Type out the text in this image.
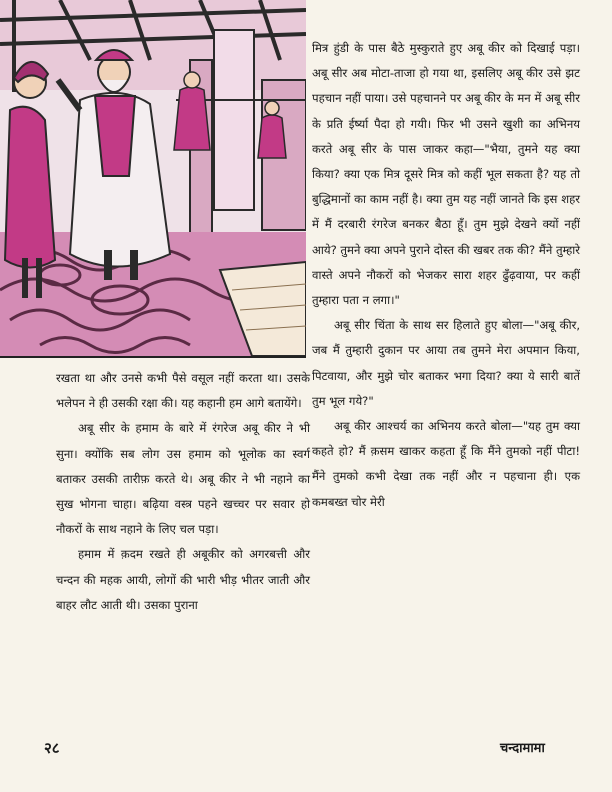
मित्र हुंडी के पास बैठे मुस्कुराते हुए अबू कीर को दिखाई पड़ा। अबू सीर अब मोटा-ताजा हो गया था, इसलिए अबू कीर उसे झट पहचान नहीं पाया। उसे पहचानने पर अबू कीर के मन में अबू सीर के प्रति ईर्ष्या पैदा हो गयी। फिर भी उसने खुशी का अभिनय करते अबू सीर के पास जाकर कहा—"भैया, तुमने यह क्या किया? क्या एक मित्र दूसरे मित्र को कहीं भूल सकता है? यह तो बुद्धिमानों का काम नहीं है। क्या तुम यह नहीं जानते कि इस शहर में मैं दरबारी रंगरेज बनकर बैठा हूँ। तुम मुझे देखने क्यों नहीं आये? तुमने क्या अपने पुराने दोस्त की खबर तक की? मैंने तुम्हारे वास्ते अपने नौकरों को भेजकर सारा शहर ढुँढ़वाया, पर कहीं तुम्हारा पता न लगा।"

अबू सीर चिंता के साथ सर हिलाते हुए बोला—"अबू कीर, जब मैं तुम्हारी दुकान पर आया तब तुमने मेरा अपमान किया, पिटवाया, और मुझे चोर बताकर भगा दिया? क्या ये सारी बातें तुम भूल गये?"

अबू कीर आश्चर्य का अभिनय करते बोला—"यह तुम क्या कहते हो? मैं क़सम खाकर कहता हूँ कि मैंने तुमको नहीं पीटा! मैंने तुमको कभी देखा तक नहीं और न पहचाना ही। एक कमबख्त चोर मेरी

रखता था और उनसे कभी पैसे वसूल नहीं करता था। उसके भलेपन ने ही उसकी रक्षा की। यह कहानी हम आगे बतायेंगे।

अबू सीर के हमाम के बारे में रंगरेज अबू कीर ने भी सुना। क्योंकि सब लोग उस हमाम को भूलोक का स्वर्ग बताकर उसकी तारीफ़ करते थे। अबू कीर ने भी नहाने का सुख भोगना चाहा। बढ़िया वस्त्र पहने खच्चर पर सवार हो नौकरों के साथ नहाने के लिए चल पड़ा।

हमाम में क़दम रखते ही अबूकीर को अगरबत्ती और चन्दन की महक आयी, लोगों की भारी भीड़ भीतर जाती और बाहर लौट आती थी। उसका पुराना

२८	चन्दामामा
